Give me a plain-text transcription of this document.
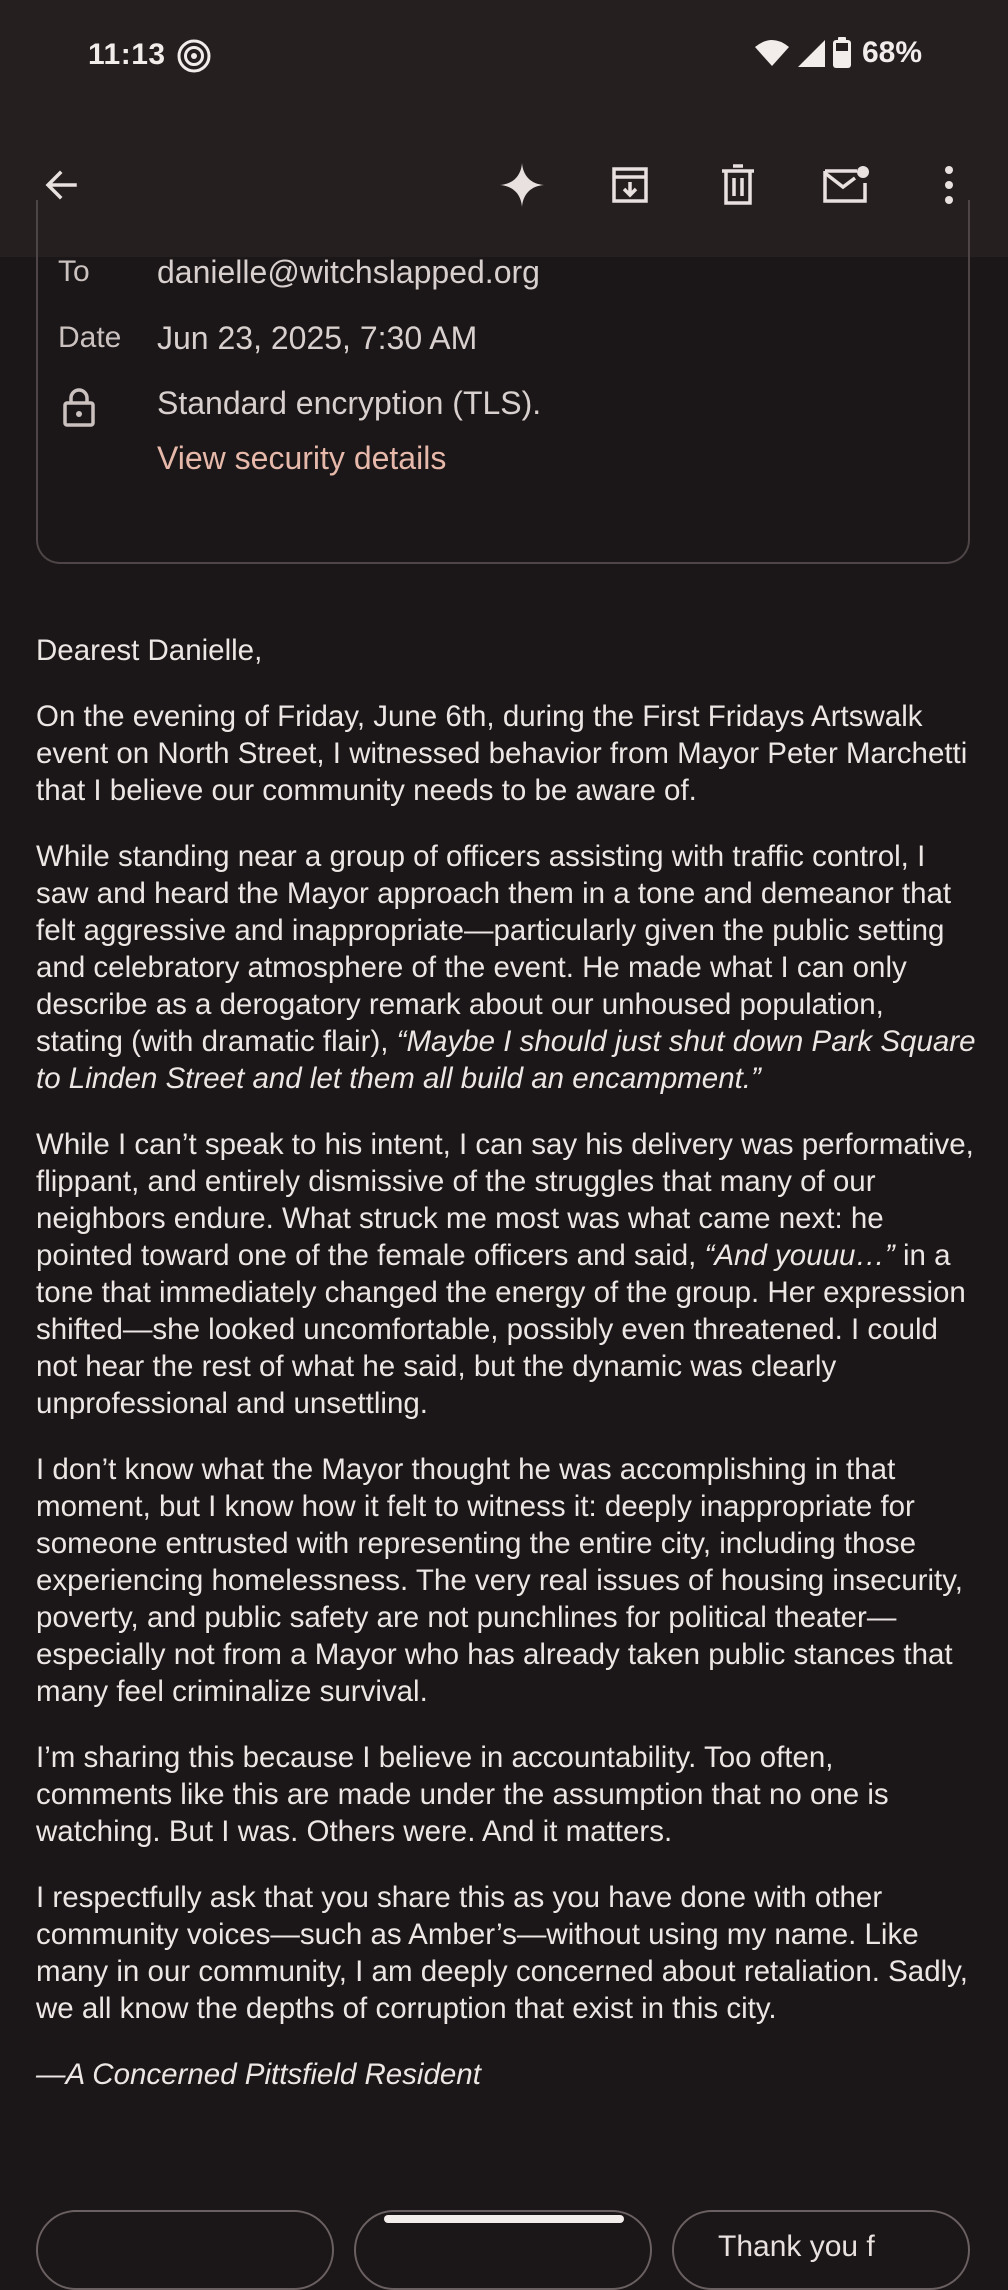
11:13	68%
To danielle@witchslapped.org
Date Jun 23, 2025, 7:30 AM
Standard encryption (TLS).
View security details

Dearest Danielle,

On the evening of Friday, June 6th, during the First Fridays Artswalk event on North Street, I witnessed behavior from Mayor Peter Marchetti that I believe our community needs to be aware of.

While standing near a group of officers assisting with traffic control, I saw and heard the Mayor approach them in a tone and demeanor that felt aggressive and inappropriate—particularly given the public setting and celebratory atmosphere of the event. He made what I can only describe as a derogatory remark about our unhoused population, stating (with dramatic flair), “Maybe I should just shut down Park Square to Linden Street and let them all build an encampment.”

While I can’t speak to his intent, I can say his delivery was performative, flippant, and entirely dismissive of the struggles that many of our neighbors endure. What struck me most was what came next: he pointed toward one of the female officers and said, “And youuu…” in a tone that immediately changed the energy of the group. Her expression shifted—she looked uncomfortable, possibly even threatened. I could not hear the rest of what he said, but the dynamic was clearly unprofessional and unsettling.

I don’t know what the Mayor thought he was accomplishing in that moment, but I know how it felt to witness it: deeply inappropriate for someone entrusted with representing the entire city, including those experiencing homelessness. The very real issues of housing insecurity, poverty, and public safety are not punchlines for political theater—especially not from a Mayor who has already taken public stances that many feel criminalize survival.

I’m sharing this because I believe in accountability. Too often, comments like this are made under the assumption that no one is watching. But I was. Others were. And it matters.

I respectfully ask that you share this as you have done with other community voices—such as Amber’s—without using my name. Like many in our community, I am deeply concerned about retaliation. Sadly, we all know the depths of corruption that exist in this city.

—A Concerned Pittsfield Resident

Thank you f
